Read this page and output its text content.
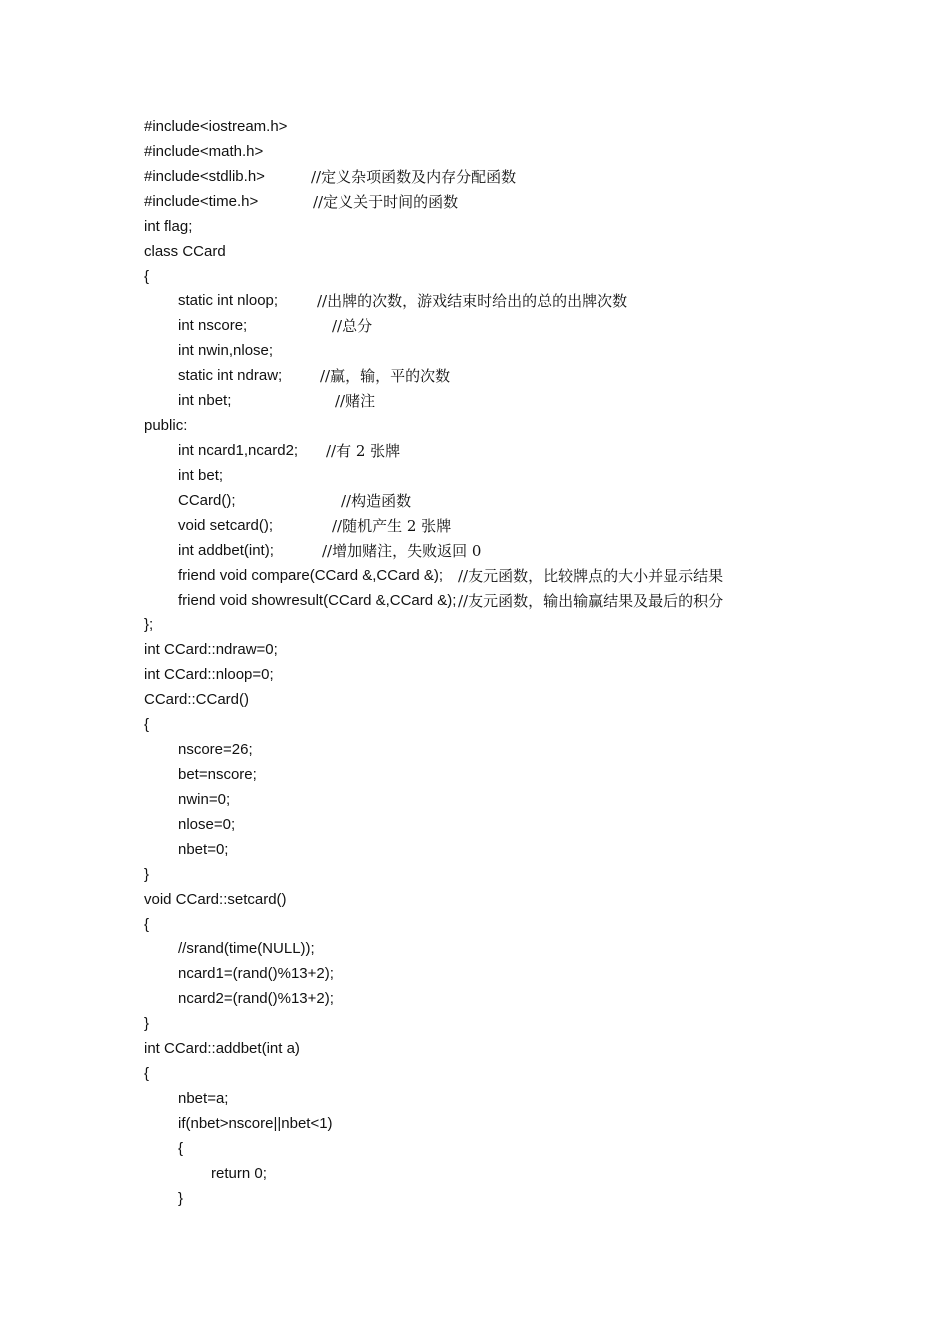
#include<iostream.h>
#include<math.h>
#include<stdlib.h>	//定义杂项函数及内存分配函数
#include<time.h>	//定义关于时间的函数
int flag;
class CCard
{
static int nloop;	//出牌的次数，游戏结束时给出的总的出牌次数
int nscore;	//总分
int nwin,nlose;
static int ndraw;	//赢，输，平的次数
int nbet;	//赌注
public:
int ncard1,ncard2; //有 2 张牌
int bet;
CCard();	//构造函数
void setcard();	//随机产生 2 张牌
int addbet(int);	//增加赌注，失败返回 0
friend void compare(CCard &,CCard &); //友元函数，比较牌点的大小并显示结果
friend void showresult(CCard &,CCard &); //友元函数，输出输赢结果及最后的积分
};
int CCard::ndraw=0;
int CCard::nloop=0;
CCard::CCard()
{
nscore=26;
bet=nscore;
nwin=0;
nlose=0;
nbet=0;
}
void CCard::setcard()
{
//srand(time(NULL));
ncard1=(rand()%13+2);
ncard2=(rand()%13+2);
}
int CCard::addbet(int a)
{
nbet=a;
if(nbet>nscore||nbet<1)
{
return 0;
}
